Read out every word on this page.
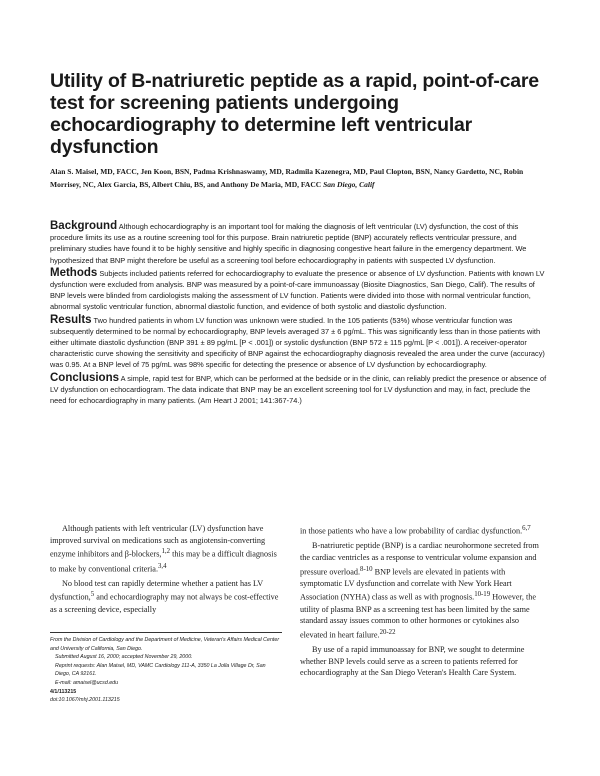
Utility of B-natriuretic peptide as a rapid, point-of-care test for screening patients undergoing echocardiography to determine left ventricular dysfunction
Alan S. Maisel, MD, FACC, Jen Koon, BSN, Padma Krishnaswamy, MD, Radmila Kazenegra, MD, Paul Clopton, BSN, Nancy Gardetto, NC, Robin Morrisey, NC, Alex Garcia, BS, Albert Chiu, BS, and Anthony De Maria, MD, FACC San Diego, Calif

Background Although echocardiography is an important tool for making the diagnosis of left ventricular (LV) dysfunction, the cost of this procedure limits its use as a routine screening tool for this purpose. Brain natriuretic peptide (BNP) accurately reflects ventricular pressure, and preliminary studies have found it to be highly sensitive and highly specific in diagnosing congestive heart failure in the emergency department. We hypothesized that BNP might therefore be useful as a screening tool before echocardiography in patients with suspected LV dysfunction.

Methods Subjects included patients referred for echocardiography to evaluate the presence or absence of LV dysfunction. Patients with known LV dysfunction were excluded from analysis. BNP was measured by a point-of-care immunoassay (Biosite Diagnostics, San Diego, Calif). The results of BNP levels were blinded from cardiologists making the assessment of LV function. Patients were divided into those with normal ventricular function, abnormal systolic ventricular function, abnormal diastolic function, and evidence of both systolic and diastolic dysfunction.

Results Two hundred patients in whom LV function was unknown were studied. In the 105 patients (53%) whose ventricular function was subsequently determined to be normal by echocardiography, BNP levels averaged 37 ± 6 pg/mL. This was significantly less than in those patients with either ultimate diastolic dysfunction (BNP 391 ± 89 pg/mL [P < .001]) or systolic dysfunction (BNP 572 ± 115 pg/mL [P < .001]). A receiver-operator characteristic curve showing the sensitivity and specificity of BNP against the echocardiography diagnosis revealed the area under the curve (accuracy) was 0.95. At a BNP level of 75 pg/mL was 98% specific for detecting the presence or absence of LV dysfunction by echocardiography.

Conclusions A simple, rapid test for BNP, which can be performed at the bedside or in the clinic, can reliably predict the presence or absence of LV dysfunction on echocardiogram. The data indicate that BNP may be an excellent screening tool for LV dysfunction and may, in fact, preclude the need for echocardiography in many patients. (Am Heart J 2001; 141:367-74.)

Although patients with left ventricular (LV) dysfunction have improved survival on medications such as angiotensin-converting enzyme inhibitors and β-blockers,$^{1,2}$ this may be a difficult diagnosis to make by conventional criteria.$^{3,4}$

No blood test can rapidly determine whether a patient has LV dysfunction,$^5$ and echocardiography may not always be cost-effective as a screening device, especially

From the Division of Cardiology and the Department of Medicine, Veteran's Affairs Medical Center and University of California, San Diego.
Submitted August 16, 2000; accepted November 29, 2000.
Reprint requests: Alan Maisel, MD, VAMC Cardiology 111-A, 3350 La Jolla Village Dr, San Diego, CA 92161.
E-mail: amaisel@ucsd.edu
4/1/113215
doi:10.1067/mhj.2001.113215

in those patients who have a low probability of cardiac dysfunction.$^{6,7}$

B-natriuretic peptide (BNP) is a cardiac neurohormone secreted from the cardiac ventricles as a response to ventricular volume expansion and pressure overload.$^{8-10}$ BNP levels are elevated in patients with symptomatic LV dysfunction and correlate with New York Heart Association (NYHA) class as well as with prognosis.$^{10-19}$ However, the utility of plasma BNP as a screening test has been limited by the same standard assay issues common to other hormones or cytokines also elevated in heart failure.$^{20-22}$

By use of a rapid immunoassay for BNP, we sought to determine whether BNP levels could serve as a screen to patients referred for echocardiography at the San Diego Veteran's Health Care System.
